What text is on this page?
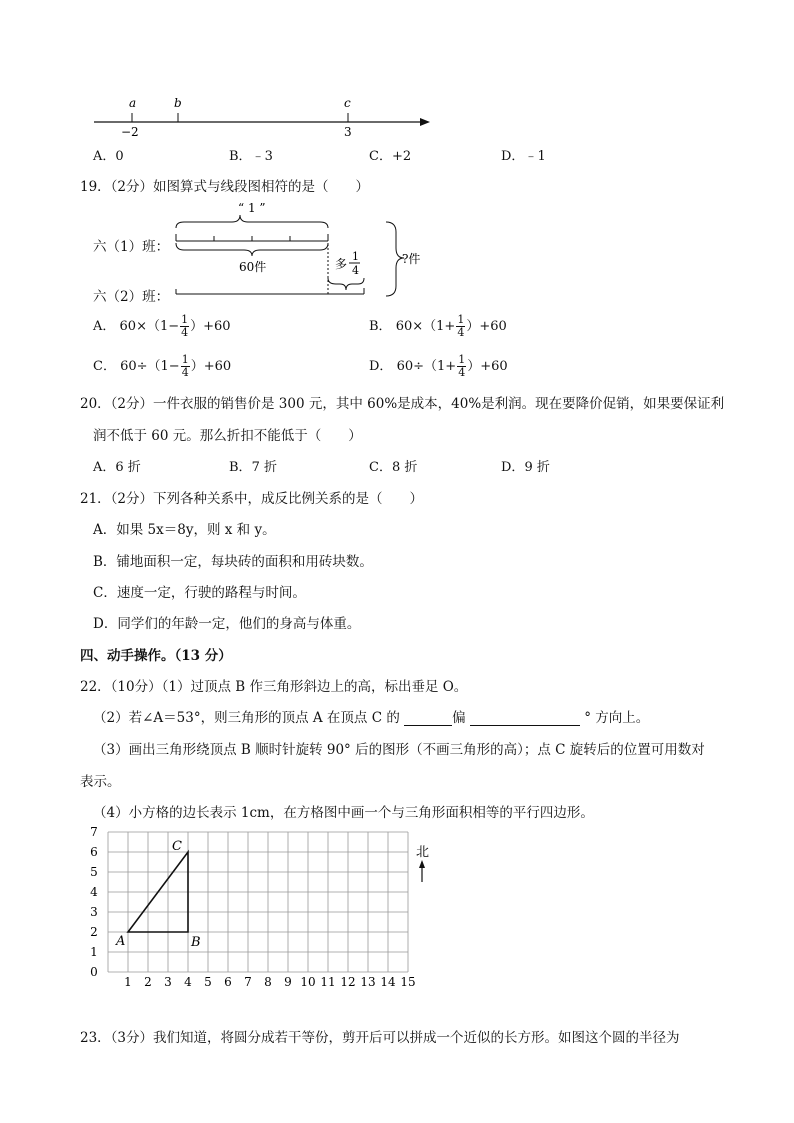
a	b	c
−2	3
A．0	B．﹣3	C．+2	D．﹣1
19．（2分）如图算式与线段图相符的是（　　）
“ 1 ”
60件	多
1
4
?件
六（1）班：
六（2）班：
A． $60\times(1- \frac{1}{4} )+60$	B． $60\times(1+ \frac{1}{4} )+60$
C． $60\div(1- \frac{1}{4} )+60$	D． $60\div(1+ \frac{1}{4} )+60$
20．（2分）一件衣服的销售价是 300 元，其中 60%是成本，40%是利润。现在要降价促销，如果要保证利
润不低于 60 元。那么折扣不能低于（　　）
A．6 折	B．7 折	C．8 折	D．9 折
21．（2分）下列各种关系中，成反比例关系的是（　　）
A．如果 5x＝8y，则 x 和 y。
B．铺地面积一定，每块砖的面积和用砖块数。
C．速度一定，行驶的路程与时间。
D．同学们的年龄一定，他们的身高与体重。
四、动手操作。（13 分）
22．（10分）（1）过顶点 B 作三角形斜边上的高，标出垂足 O。
（2）若∠A＝53°，则三角形的顶点 A 在顶点 C 的	偏	° 方向上。
（3）画出三角形绕顶点 B 顺时针旋转 90° 后的图形（不画三角形的高）；点 C 旋转后的位置可用数对
表示。
（4）小方格的边长表示 1cm，在方格图中画一个与三角形面积相等的平行四边形。
1 2 3 4 5 6 7 8 9 10 11 12 13 14 15
0
1
2
3
4
5
6
7
A	B
C	北
23．（3分）我们知道，将圆分成若干等份，剪开后可以拼成一个近似的长方形。如图这个圆的半径为
